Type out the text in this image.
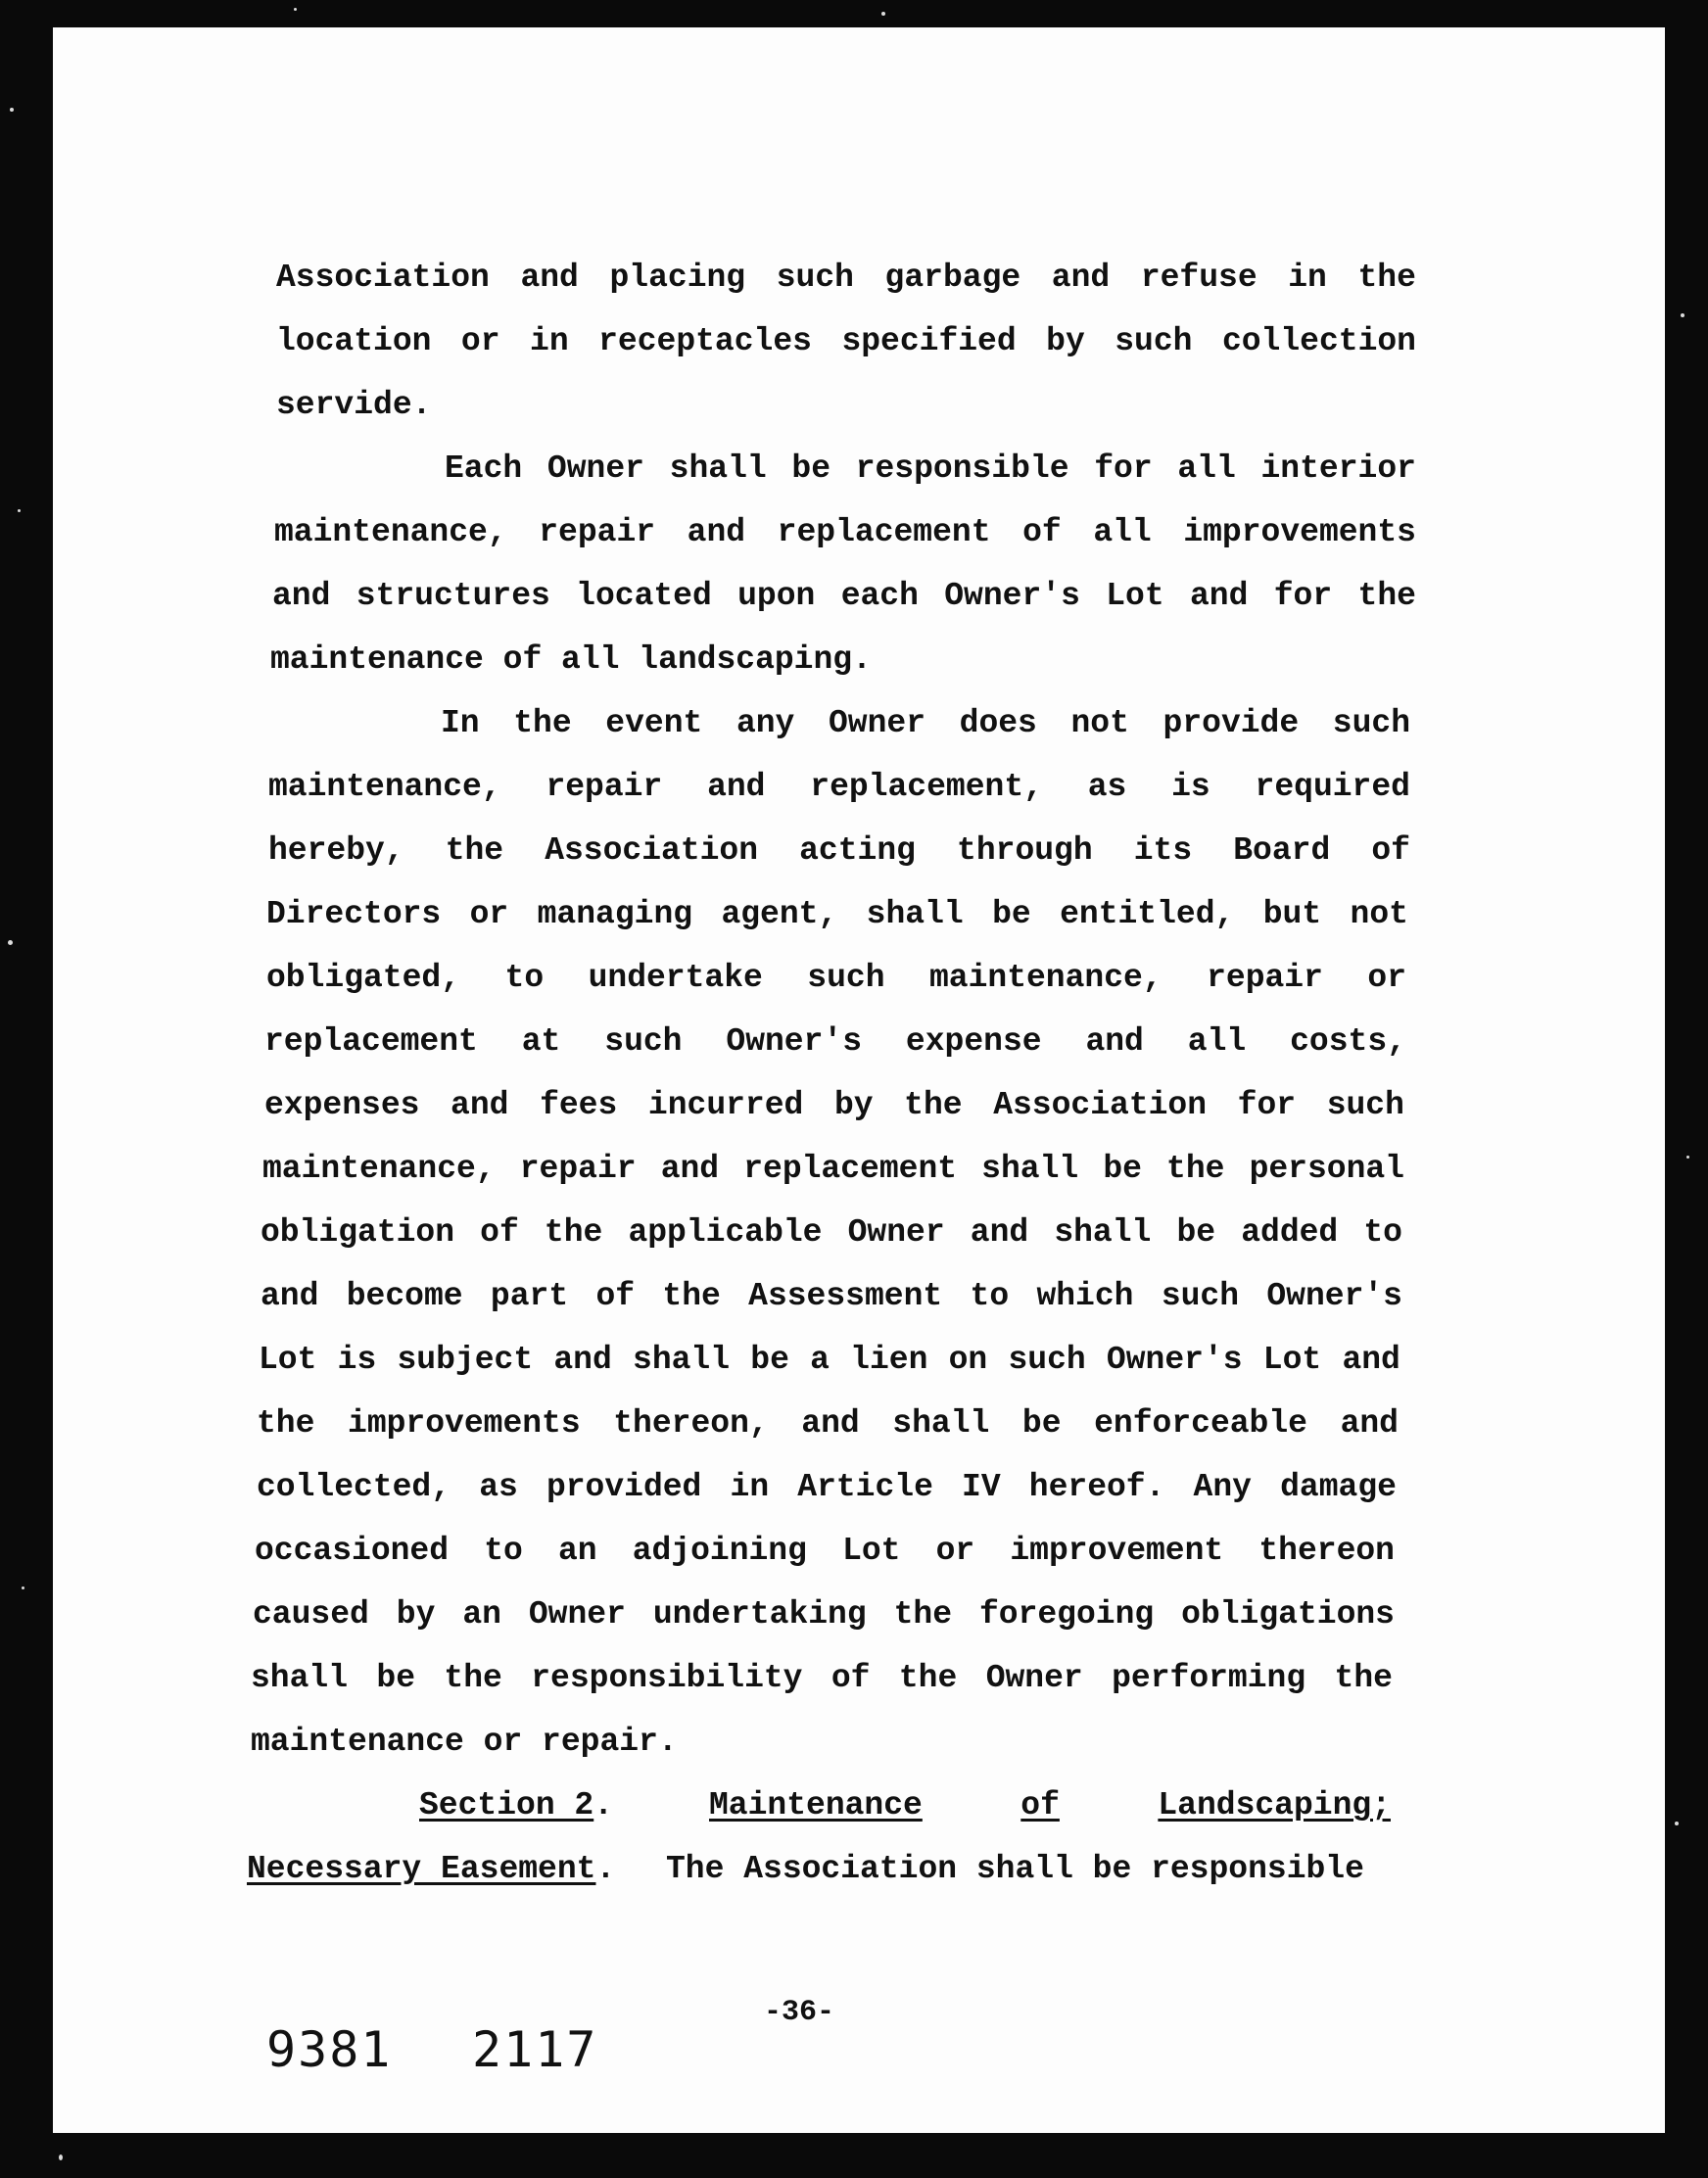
Association and placing such garbage and refuse in the
location or in receptacles specified by such collection
servide.
Each Owner shall be responsible for all interior
maintenance, repair and replacement of all improvements
and structures located upon each Owner's Lot and for the
maintenance of all landscaping.
In the event any Owner does not provide such
maintenance, repair and replacement, as is required
hereby, the Association acting through its Board of
Directors or managing agent, shall be entitled, but not
obligated, to undertake such maintenance, repair or
replacement at such Owner's expense and all costs,
expenses and fees incurred by the Association for such
maintenance, repair and replacement shall be the personal
obligation of the applicable Owner and shall be added to
and become part of the Assessment to which such Owner's
Lot is subject and shall be a lien on such Owner's Lot and
the improvements thereon, and shall be enforceable and
collected, as provided in Article IV hereof. Any damage
occasioned to an adjoining Lot or improvement thereon
caused by an Owner undertaking the foregoing obligations
shall be the responsibility of the Owner performing the
maintenance or repair.
Section 2 .	Maintenance	of	Landscaping;
Necessary Easement . The Association shall be responsible
-36-
9381 2117
